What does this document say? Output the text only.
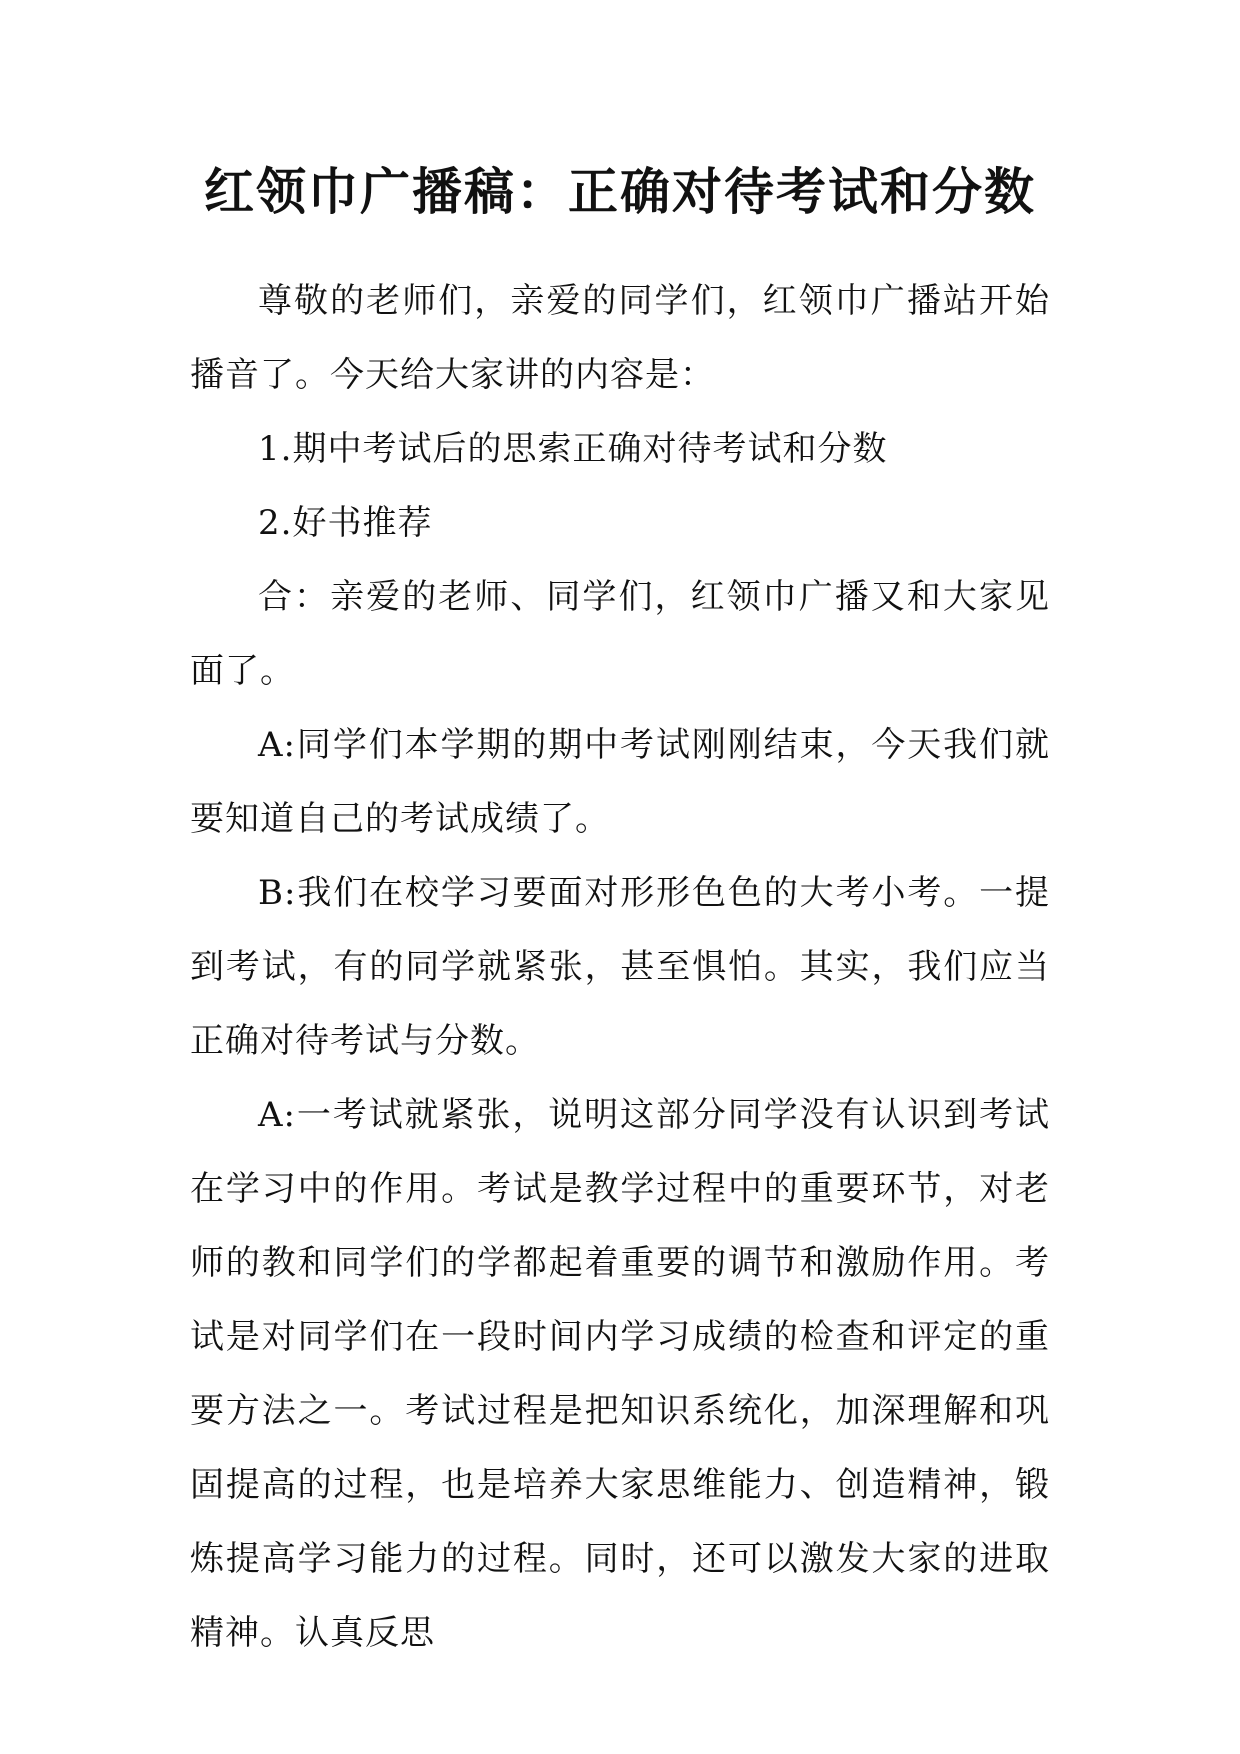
红领巾广播稿：正确对待考试和分数

尊敬的老师们，亲爱的同学们，红领巾广播站开始播音了。今天给大家讲的内容是：

1.期中考试后的思索正确对待考试和分数

2.好书推荐

合：亲爱的老师、同学们，红领巾广播又和大家见面了。

A:同学们本学期的期中考试刚刚结束，今天我们就要知道自己的考试成绩了。

B:我们在校学习要面对形形色色的大考小考。一提到考试，有的同学就紧张，甚至惧怕。其实，我们应当正确对待考试与分数。

A:一考试就紧张，说明这部分同学没有认识到考试在学习中的作用。考试是教学过程中的重要环节，对老师的教和同学们的学都起着重要的调节和激励作用。考试是对同学们在一段时间内学习成绩的检查和评定的重要方法之一。考试过程是把知识系统化，加深理解和巩固提高的过程，也是培养大家思维能力、创造精神，锻炼提高学习能力的过程。同时，还可以激发大家的进取精神。认真反思
